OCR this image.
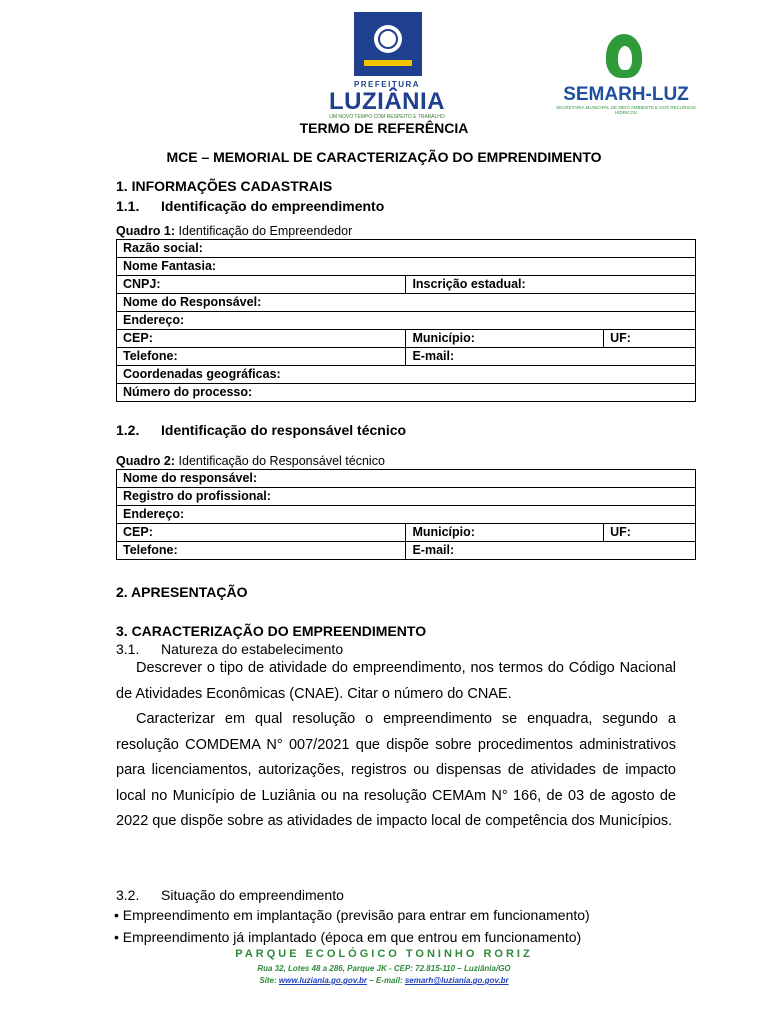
PREFEITURA
LUZIÂNIA
UM NOVO TEMPO COM RESPEITO E TRABALHO
SEMARH-LUZ
SECRETARIA MUNICIPAL DE MEIO AMBIENTE E DOS RECURSOS HÍDRICOS
TERMO DE REFERÊNCIA
MCE – MEMORIAL DE CARACTERIZAÇÃO DO EMPRENDIMENTO
1. INFORMAÇÕES CADASTRAIS
1.1. Identificação do empreendimento
Quadro 1: Identificação do Empreendedor
Razão social:		
Nome Fantasia:		
CNPJ:	Inscrição estadual:	
Nome do Responsável:		
Endereço:		
CEP:	Município:	UF:
Telefone:	E-mail:	
Coordenadas geográficas:		
Número do processo:		
1.2. Identificação do responsável técnico
Quadro 2: Identificação do Responsável técnico
Nome do responsável:		
Registro do profissional:		
Endereço:		
CEP:	Município:	UF:
Telefone:	E-mail:	
2. APRESENTAÇÃO
3. CARACTERIZAÇÃO DO EMPREENDIMENTO
3.1. Natureza do estabelecimento
Descrever o tipo de atividade do empreendimento, nos termos do Código Nacional de Atividades Econômicas (CNAE). Citar o número do CNAE.
Caracterizar em qual resolução o empreendimento se enquadra, segundo a resolução COMDEMA N° 007/2021 que dispõe sobre procedimentos administrativos para licenciamentos, autorizações, registros ou dispensas de atividades de impacto local no Município de Luziânia ou na resolução CEMAm N° 166, de 03 de agosto de 2022 que dispõe sobre as atividades de impacto local de competência dos Municípios.
3.2. Situação do empreendimento
• Empreendimento em implantação (previsão para entrar em funcionamento)
• Empreendimento já implantado (época em que entrou em funcionamento)
PARQUE ECOLÓGICO TONINHO RORIZ
Rua 32, Lotes 48 a 286, Parque JK - CEP: 72.815-110 – Luziânia/GO
Site: www.luziania.go.gov.br – E-mail: semarh@luziania.go.gov.br
